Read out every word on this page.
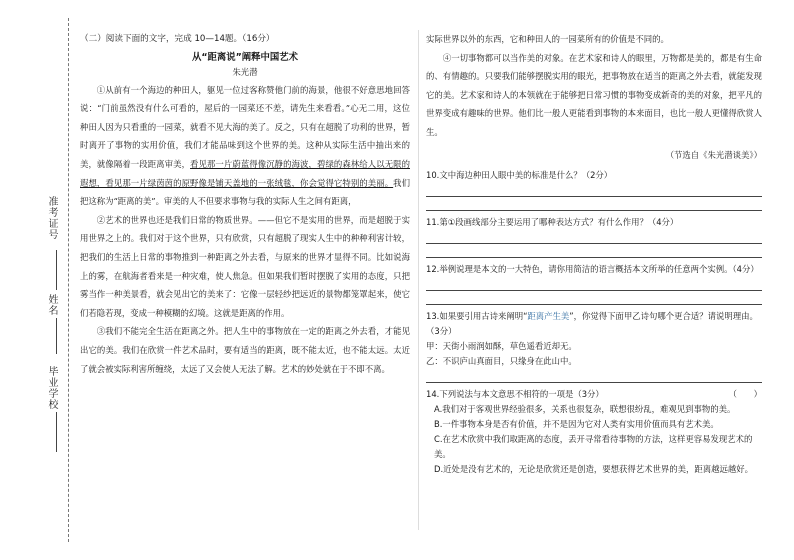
准考证号
姓名
毕业学校
（二）阅读下面的文字，完成 10—14题。（16分）
从“距离说”阐释中国艺术
朱光潜

①从前有一个海边的种田人，躯见一位过客称赞他门前的海景，他很不好意思地回答说：“门前虽然没有什么可看的，屋后的一园菜还不差，请先生来看看。”心无二用，这位种田人因为只看重的一园菜，就看不见大海的美了。反之，只有在超脱了功利的世界，暂时离开了事物的实用价值，我们才能品味到这个世界的美。这种从实际生活中抽出来的美，就像隔着一段距离审美，看见那一片蔚蓝得像沉静的海波，碧绿的森林给人以无限的遐想，看见那一片绿茵茵的原野像是铺天盖地的一张绒毯，你会觉得它特别的美丽。我们把这称为“距离的美”。审美的人不但要求事物与我的实际人生之间有距离，

②艺术的世界也还是我们日常的物质世界。——但它不是实用的世界，而是超脱于实用世界之上的。我们对于这个世界，只有欣赏，只有超脱了现实人生中的种种利害计较，把我们的生活上日常的事物推到一种距离之外去看，与原来的世界才显得不同。比如说海上的雾，在航海者看来是一种灾难，使人焦急。但如果我们暂时摆脱了实用的态度，只把雾当作一种美景看，就会见出它的美来了：它像一层轻纱把远近的景物都笼罩起来，使它们若隐若现，变成一种模糊的幻境。这就是距离的作用。

③我们不能完全生活在距离之外。把人生中的事物放在一定的距离之外去看，才能见出它的美。我们在欣赏一件艺术品时，要有适当的距离，既不能太近，也不能太远。太近了就会被实际利害所缠绕，太远了又会使人无法了解。艺术的妙处就在于不即不离。

实际世界以外的东西，它和种田人的一园菜所有的价值是不同的。

④一切事物都可以当作美的对象。在艺术家和诗人的眼里，万物都是美的，都是有生命的、有情趣的。只要我们能够摆脱实用的眼光，把事物放在适当的距离之外去看，就能发现它的美。艺术家和诗人的本领就在于能够把日常习惯的事物变成新奇的美的对象，把平凡的世界变成有趣味的世界。他们比一般人更能看到事物的本来面目，也比一般人更懂得欣赏人生。

（节选自《朱光潜谈美》）
10.文中海边种田人眼中美的标准是什么？（2分）
11.第①段画线部分主要运用了哪种表达方式？有什么作用？（4分）
12.举例说理是本文的一大特色，请你用简洁的语言概括本文所举的任意两个实例。（4分）
13.如果要引用古诗来阐明“距离产生美”，你觉得下面甲乙诗句哪个更合适？请说明理由。（3分）
甲：天街小雨润如酥，草色遥看近却无。
乙：不识庐山真面目，只缘身在此山中。
14.下列说法与本文意思不相符的一项是（3分）	（　　）
A.我们对于客观世界经验很多，关系也很复杂，联想很纷乱，难观见到事物的美。
B.一件事物本身是否有价值，并不是因为它对人类有实用价值而具有艺术美。
C.在艺术欣赏中我们取距离的态度，丢开寻常看待事物的方法，这样更容易发现艺术的美。
D.近处是没有艺术的，无论是欣赏还是创造，要想获得艺术世界的美，距离越远越好。
